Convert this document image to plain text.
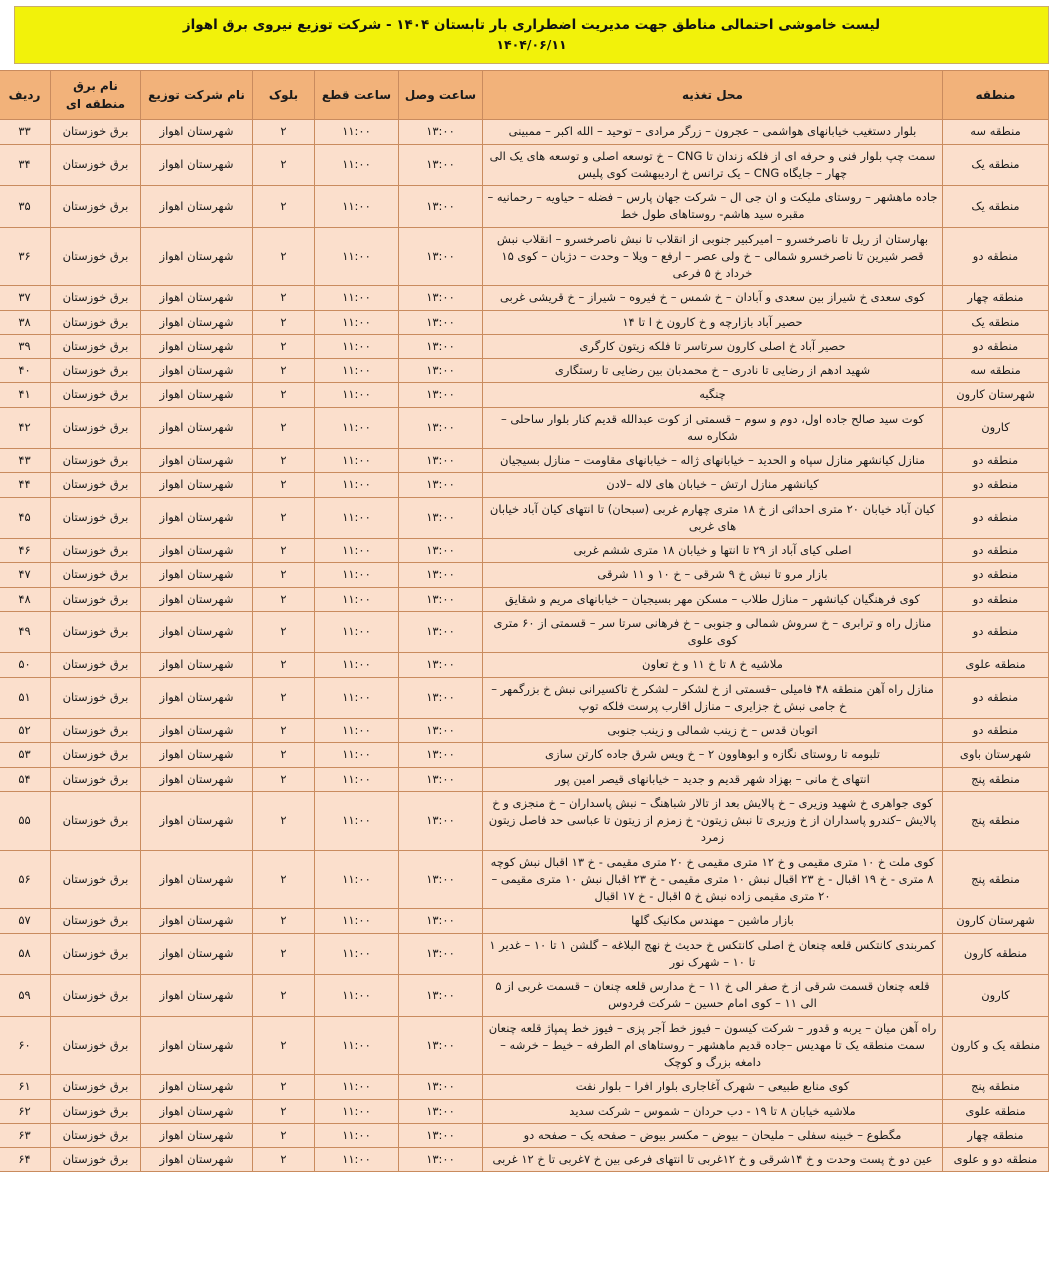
لیست خاموشی احتمالی مناطق جهت مدیریت اضطراری بار تابستان ۱۴۰۴ - شرکت توزیع نیروی برق اهواز
۱۴۰۴/۰۶/۱۱
منطقه	محل تغذیه	ساعت وصل	ساعت قطع	بلوک	نام شرکت توزیع	نام برق منطقه ای	ردیف
منطقه سه	بلوار دستغیب خیابانهای هواشمی – عجرون – زرگر مرادی – توحید – الله اکبر – ممبینی	۱۳:۰۰	۱۱:۰۰	۲	شهرستان اهواز	برق خوزستان	۳۳
منطقه یک	سمت چپ بلوار فنی و حرفه ای از فلکه زندان تا CNG – خ توسعه اصلی و توسعه های یک الی چهار – جایگاه CNG – یک ترانس خ اردیبهشت کوی پلیس	۱۳:۰۰	۱۱:۰۰	۲	شهرستان اهواز	برق خوزستان	۳۴
منطقه یک	جاده ماهشهر – روستای ملیکت و ان جی ال – شرکت جهان پارس – فضله – حیاویه – رحمانیه – مقبره سید هاشم- روستاهای طول خط	۱۳:۰۰	۱۱:۰۰	۲	شهرستان اهواز	برق خوزستان	۳۵
منطقه دو	بهارستان از ریل تا ناصرخسرو – امیرکبیر جنوبی از انقلاب تا نبش ناصرخسرو – انقلاب نبش قصر شیرین تا ناصرخسرو شمالی – خ ولی عصر – ارفع – ویلا – وحدت – دژبان – کوی ۱۵ خرداد خ ۵ فرعی	۱۳:۰۰	۱۱:۰۰	۲	شهرستان اهواز	برق خوزستان	۳۶
منطقه چهار	کوی سعدی خ شیراز بین سعدی و آبادان – خ شمس – خ فیروه – شیراز – خ قریشی غربی	۱۳:۰۰	۱۱:۰۰	۲	شهرستان اهواز	برق خوزستان	۳۷
منطقه یک	حصیر آباد بازارچه و خ کارون خ ا تا ۱۴	۱۳:۰۰	۱۱:۰۰	۲	شهرستان اهواز	برق خوزستان	۳۸
منطقه دو	حصیر آباد خ اصلی کارون سرتاسر تا فلکه زیتون کارگری	۱۳:۰۰	۱۱:۰۰	۲	شهرستان اهواز	برق خوزستان	۳۹
منطقه سه	شهید ادهم از رضایی تا نادری – خ محمدبان بین رضایی تا رستگاری	۱۳:۰۰	۱۱:۰۰	۲	شهرستان اهواز	برق خوزستان	۴۰
شهرستان کارون	چنگیه	۱۳:۰۰	۱۱:۰۰	۲	شهرستان اهواز	برق خوزستان	۴۱
کارون	کوت سید صالح جاده اول، دوم و سوم – قسمتی از کوت عبدالله قدیم کنار بلوار ساحلی – شکاره سه	۱۳:۰۰	۱۱:۰۰	۲	شهرستان اهواز	برق خوزستان	۴۲
منطقه دو	منازل کیانشهر منازل سپاه و الحدید – خیابانهای ژاله – خیابانهای مقاومت – منازل بسیجیان	۱۳:۰۰	۱۱:۰۰	۲	شهرستان اهواز	برق خوزستان	۴۳
منطقه دو	کیانشهر منازل ارتش – خیابان های لاله –لادن	۱۳:۰۰	۱۱:۰۰	۲	شهرستان اهواز	برق خوزستان	۴۴
منطقه دو	کیان آباد خیابان ۲۰ متری احداثی از خ ۱۸ متری چهارم غربی (سبحان) تا انتهای کیان آباد خیابان های غربی	۱۳:۰۰	۱۱:۰۰	۲	شهرستان اهواز	برق خوزستان	۴۵
منطقه دو	اصلی کیای آباد از ۲۹ تا انتها و خیابان ۱۸ متری ششم غربی	۱۳:۰۰	۱۱:۰۰	۲	شهرستان اهواز	برق خوزستان	۴۶
منطقه دو	بازار مرو تا نبش خ ۹ شرقی – خ ۱۰ و ۱۱ شرقی	۱۳:۰۰	۱۱:۰۰	۲	شهرستان اهواز	برق خوزستان	۴۷
منطقه دو	کوی فرهنگیان کیانشهر – منازل طلاب – مسکن مهر بسیجیان – خیابانهای مریم و شقایق	۱۳:۰۰	۱۱:۰۰	۲	شهرستان اهواز	برق خوزستان	۴۸
منطقه دو	منازل راه و ترابری – خ سروش شمالی و جنوبی – خ فرهانی سرتا سر – قسمتی از ۶۰ متری کوی علوی	۱۳:۰۰	۱۱:۰۰	۲	شهرستان اهواز	برق خوزستان	۴۹
منطقه علوی	ملاشیه خ ۸ تا خ ۱۱ و خ تعاون	۱۳:۰۰	۱۱:۰۰	۲	شهرستان اهواز	برق خوزستان	۵۰
منطقه دو	منازل راه آهن منطقه ۴۸ فامیلی –قسمتی از خ لشکر – لشکر خ تاکسیرانی نبش خ بزرگمهر – خ جامی نبش خ جزایری – منازل اقارب پرست فلکه توپ	۱۳:۰۰	۱۱:۰۰	۲	شهرستان اهواز	برق خوزستان	۵۱
منطقه دو	اتوبان قدس – خ زینب شمالی و زینب جنوبی	۱۳:۰۰	۱۱:۰۰	۲	شهرستان اهواز	برق خوزستان	۵۲
شهرستان باوی	تلبومه تا روستای نگازه و ابوهاوون ۲ – خ ویس شرق جاده کارتن سازی	۱۳:۰۰	۱۱:۰۰	۲	شهرستان اهواز	برق خوزستان	۵۳
منطقه پنج	انتهای خ مانی – بهزاد شهر قدیم و جدید – خیابانهای قیصر امین پور	۱۳:۰۰	۱۱:۰۰	۲	شهرستان اهواز	برق خوزستان	۵۴
منطقه پنج	کوی جواهری خ شهید وزیری – خ پالایش بعد از تالار شباهنگ – نبش پاسداران – خ منجزی و خ پالایش –کندرو پاسداران از خ وزیری تا نبش زیتون- خ زمزم از زیتون تا عباسی حد فاصل زیتون زمرد	۱۳:۰۰	۱۱:۰۰	۲	شهرستان اهواز	برق خوزستان	۵۵
منطقه پنج	کوی ملت خ ۱۰ متری مقیمی و خ ۱۲ متری مقیمی خ ۲۰ متری مقیمی - خ ۱۳ اقبال نبش کوچه ۸ متری - خ ۱۹ اقبال - خ ۲۳ اقبال نبش ۱۰ متری مقیمی - خ ۲۳ اقبال نبش ۱۰ متری مقیمی – ۲۰ متری مقیمی زاده نبش خ ۵ اقبال - خ ۱۷ اقبال	۱۳:۰۰	۱۱:۰۰	۲	شهرستان اهواز	برق خوزستان	۵۶
شهرستان کارون	بازار ماشین – مهندس مکانیک گلها	۱۳:۰۰	۱۱:۰۰	۲	شهرستان اهواز	برق خوزستان	۵۷
منطقه کارون	کمربندی کانتکس قلعه چنعان خ اصلی کانتکس خ حدیث خ نهج البلاغه – گلشن ۱ تا ۱۰ – غدیر ۱ تا ۱۰ – شهرک نور	۱۳:۰۰	۱۱:۰۰	۲	شهرستان اهواز	برق خوزستان	۵۸
کارون	قلعه چنعان قسمت شرقی از خ صفر الی خ ۱۱ – خ مدارس قلعه چنعان – قسمت غربی از ۵ الی ۱۱ – کوی امام حسین – شرکت فردوس	۱۳:۰۰	۱۱:۰۰	۲	شهرستان اهواز	برق خوزستان	۵۹
منطقه یک و کارون	راه آهن میان – یربه و قدور – شرکت کیسون – فیوز خط آجر پزی – فیوز خط پمپاژ قلعه چنعان سمت منطقه یک تا مهدیس –جاده قدیم ماهشهر – روستاهای ام الطرفه – خیط – خرشه – دامغه بزرگ و کوچک	۱۳:۰۰	۱۱:۰۰	۲	شهرستان اهواز	برق خوزستان	۶۰
منطقه پنج	کوی منابع طبیعی – شهرک آغاجاری بلوار افرا – بلوار نفت	۱۳:۰۰	۱۱:۰۰	۲	شهرستان اهواز	برق خوزستان	۶۱
منطقه علوی	ملاشیه خیابان ۸ تا ۱۹ - دب حردان – شموس – شرکت سدید	۱۳:۰۰	۱۱:۰۰	۲	شهرستان اهواز	برق خوزستان	۶۲
منطقه چهار	مگطوع – خبینه سفلی – ملیحان – بیوض – مکسر بیوض – صفحه یک – صفحه دو	۱۳:۰۰	۱۱:۰۰	۲	شهرستان اهواز	برق خوزستان	۶۳
منطقه دو و علوی	عین دو خ پست وحدت و خ ۱۴شرقی و خ ۱۲غربی تا انتهای فرعی بین خ ۷غربی تا خ ۱۲ غربی	۱۳:۰۰	۱۱:۰۰	۲	شهرستان اهواز	برق خوزستان	۶۴
